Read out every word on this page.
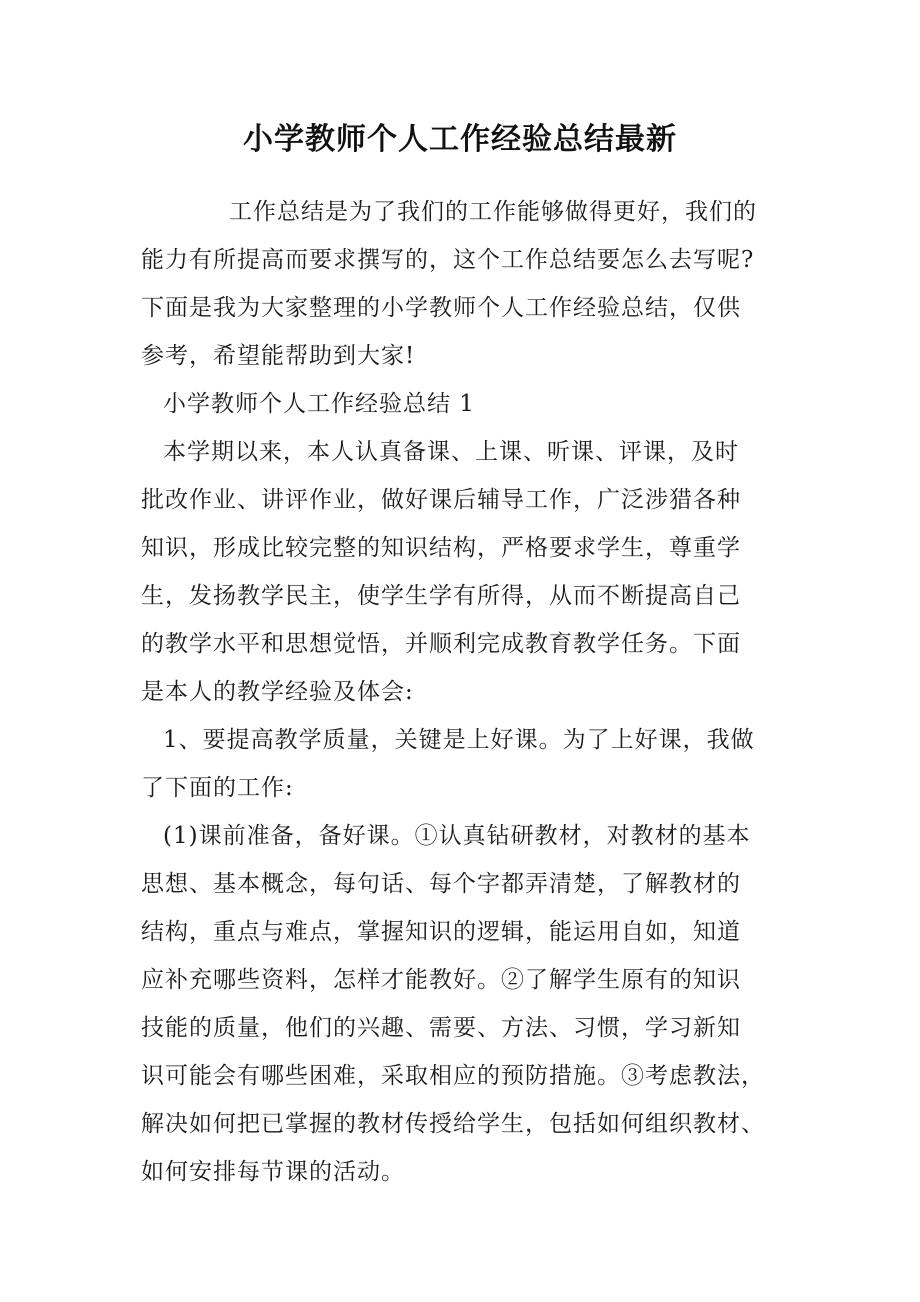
小学教师个人工作经验总结最新
工作总结是为了我们的工作能够做得更好，我们的
能力有所提高而要求撰写的，这个工作总结要怎么去写呢?
下面是我为大家整理的小学教师个人工作经验总结，仅供
参考，希望能帮助到大家!
小学教师个人工作经验总结 1
本学期以来，本人认真备课、上课、听课、评课，及时
批改作业、讲评作业，做好课后辅导工作，广泛涉猎各种
知识，形成比较完整的知识结构，严格要求学生，尊重学
生，发扬教学民主，使学生学有所得，从而不断提高自己
的教学水平和思想觉悟，并顺利完成教育教学任务。下面
是本人的教学经验及体会:
1、要提高教学质量，关键是上好课。为了上好课，我做
了下面的工作:
(1)课前准备，备好课。①认真钻研教材，对教材的基本
思想、基本概念，每句话、每个字都弄清楚，了解教材的
结构，重点与难点，掌握知识的逻辑，能运用自如，知道
应补充哪些资料，怎样才能教好。②了解学生原有的知识
技能的质量，他们的兴趣、需要、方法、习惯，学习新知
识可能会有哪些困难，采取相应的预防措施。③考虑教法，
解决如何把已掌握的教材传授给学生，包括如何组织教材、
如何安排每节课的活动。
